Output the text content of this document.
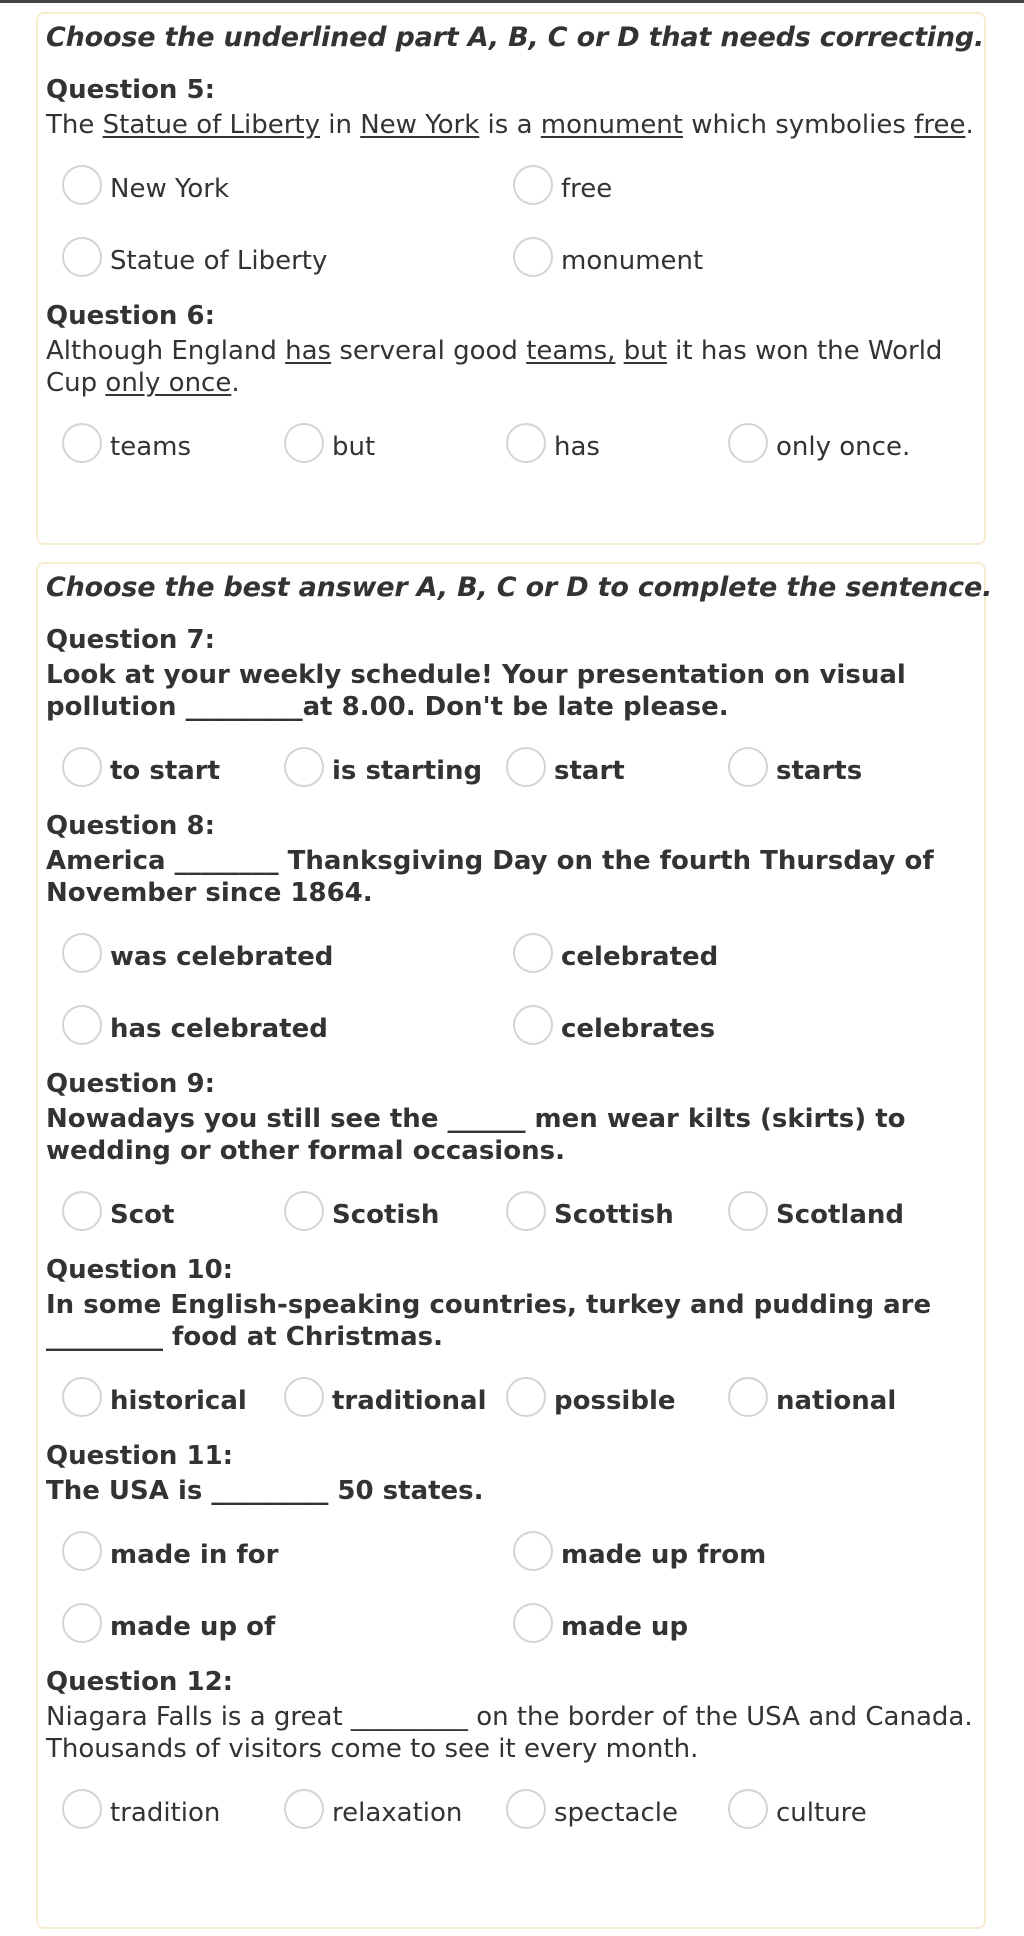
Choose the underlined part A, B, C or D that needs correcting.
Question 5:
The Statue of Liberty in New York is a monument which symbolies free.
New York	free
Statue of Liberty	monument
Question 6:
Although England has serveral good teams, but it has won the World Cup only once.
teams	but	has	only once.
Choose the best answer A, B, C or D to complete the sentence.
Question 7:
Look at your weekly schedule! Your presentation on visual pollution _________at 8.00. Don't be late please.
to start	is starting	start	starts
Question 8:
America ________ Thanksgiving Day on the fourth Thursday of November since 1864.
was celebrated	celebrated
has celebrated	celebrates
Question 9:
Nowadays you still see the ______ men wear kilts (skirts) to wedding or other formal occasions.
Scot	Scotish	Scottish	Scotland
Question 10:
In some English-speaking countries, turkey and pudding are _________ food at Christmas.
historical	traditional	possible	national
Question 11:
The USA is _________ 50 states.
made in for	made up from
made up of	made up
Question 12:
Niagara Falls is a great _________ on the border of the USA and Canada. Thousands of visitors come to see it every month.
tradition	relaxation	spectacle	culture
